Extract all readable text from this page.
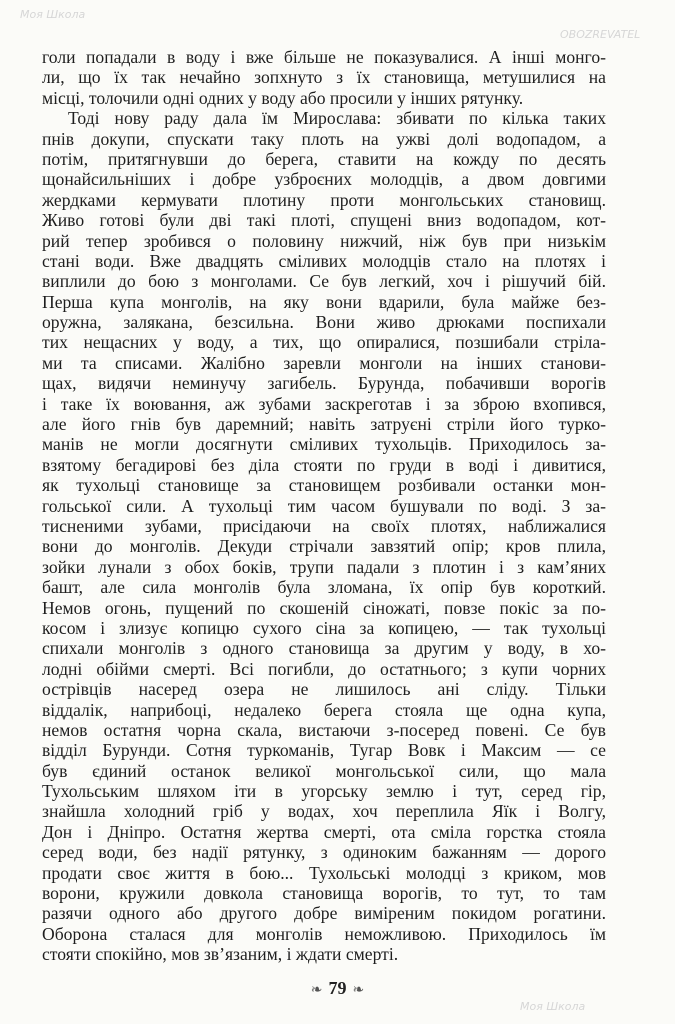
Моя Школа
OBOZREVATEL
Моя Школа
голи попадали в воду і вже більше не показувалися. А інші монго-
ли, що їх так нечайно зопхнуто з їх становища, метушилися на
місці, толочили одні одних у воду або просили у інших рятунку.
Тоді нову раду дала їм Мирослава: збивати по кілька таких
пнів докупи, спускати таку плоть на ужві долі водопадом, а
потім, притягнувши до берега, ставити на кожду по десять
щонайсильніших і добре узброєних молодців, а двом довгими
жердками кермувати плотину проти монгольських становищ.
Живо готові були дві такі плоті, спущені вниз водопадом, кот-
рий тепер зробився о половину нижчий, ніж був при низькім
стані води. Вже двадцять сміливих молодців стало на плотях і
виплили до бою з монголами. Се був легкий, хоч і рішучий бій.
Перша купа монголів, на яку вони вдарили, була майже без-
оружна, залякана, безсильна. Вони живо дрюками поспихали
тих нещасних у воду, а тих, що опиралися, позшибали стріла-
ми та списами. Жалібно заревли монголи на інших станови-
щах, видячи неминучу загибель. Бурунда, побачивши ворогів
і таке їх воювання, аж зубами заскреготав і за зброю вхопився,
але його гнів був даремний; навіть затруєні стріли його турко-
манів не могли досягнути сміливих тухольців. Приходилось за-
взятому бегадирові без діла стояти по груди в воді і дивитися,
як тухольці становище за становищем розбивали останки мон-
гольської сили. А тухольці тим часом бушували по воді. З за-
тисненими зубами, присідаючи на своїх плотях, наближалися
вони до монголів. Декуди стрічали завзятий опір; кров плила,
зойки лунали з обох боків, трупи падали з плотин і з кам’яних
башт, але сила монголів була зломана, їх опір був короткий.
Немов огонь, пущений по скошеній сіножаті, повзе покіс за по-
косом і злизує копицю сухого сіна за копицею, — так тухольці
спихали монголів з одного становища за другим у воду, в хо-
лодні обійми смерті. Всі погибли, до остатнього; з купи чорних
острівців насеред озера не лишилось ані сліду. Тільки
віддалік, наприбоці, недалеко берега стояла ще одна купа,
немов остатня чорна скала, вистаючи з-посеред повені. Се був
відділ Бурунди. Сотня туркоманів, Тугар Вовк і Максим — се
був єдиний останок великої монгольської сили, що мала
Тухольським шляхом іти в угорську землю і тут, серед гір,
знайшла холодний гріб у водах, хоч переплила Яїк і Волгу,
Дон і Дніпро. Остатня жертва смерті, ота сміла горстка стояла
серед води, без надії рятунку, з одиноким бажанням — дорого
продати своє життя в бою... Тухольські молодці з криком, мов
ворони, кружили довкола становища ворогів, то тут, то там
разячи одного або другого добре виміреним покидом рогатини.
Оборона сталася для монголів неможливою. Приходилось їм
стояти спокійно, мов зв’язаним, і ждати смерті.
❧ 79 ❧
